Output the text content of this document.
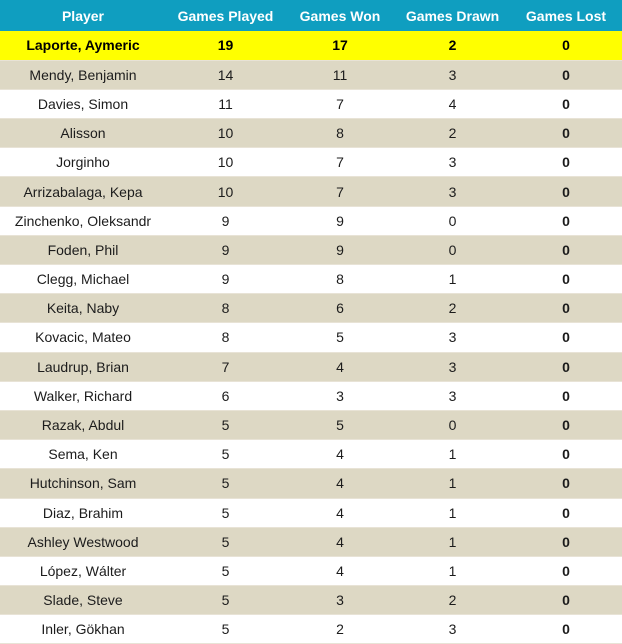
Player	Games Played	Games Won	Games Drawn	Games Lost
Laporte, Aymeric	19	17	2	0
Mendy, Benjamin	14	11	3	0
Davies, Simon	11	7	4	0
Alisson	10	8	2	0
Jorginho	10	7	3	0
Arrizabalaga, Kepa	10	7	3	0
Zinchenko, Oleksandr	9	9	0	0
Foden, Phil	9	9	0	0
Clegg, Michael	9	8	1	0
Keita, Naby	8	6	2	0
Kovacic, Mateo	8	5	3	0
Laudrup, Brian	7	4	3	0
Walker, Richard	6	3	3	0
Razak, Abdul	5	5	0	0
Sema, Ken	5	4	1	0
Hutchinson, Sam	5	4	1	0
Diaz, Brahim	5	4	1	0
Ashley Westwood	5	4	1	0
López, Wálter	5	4	1	0
Slade, Steve	5	3	2	0
Inler, Gökhan	5	2	3	0
